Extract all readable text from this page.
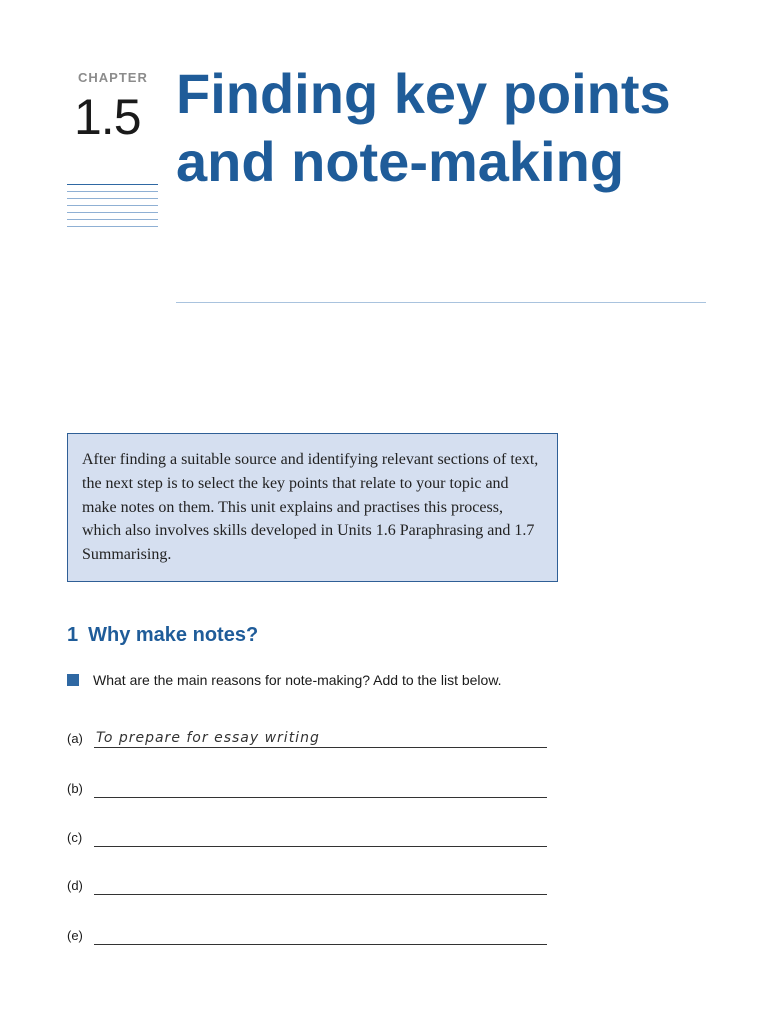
CHAPTER
1.5 Finding key points and note-making

After finding a suitable source and identifying relevant sections of text, the next step is to select the key points that relate to your topic and make notes on them. This unit explains and practises this process, which also involves skills developed in Units 1.6 Paraphrasing and 1.7 Summarising.

1 Why make notes?
What are the main reasons for note-making? Add to the list below.
(a) To prepare for essay writing
(b)
(c)
(d)
(e)
